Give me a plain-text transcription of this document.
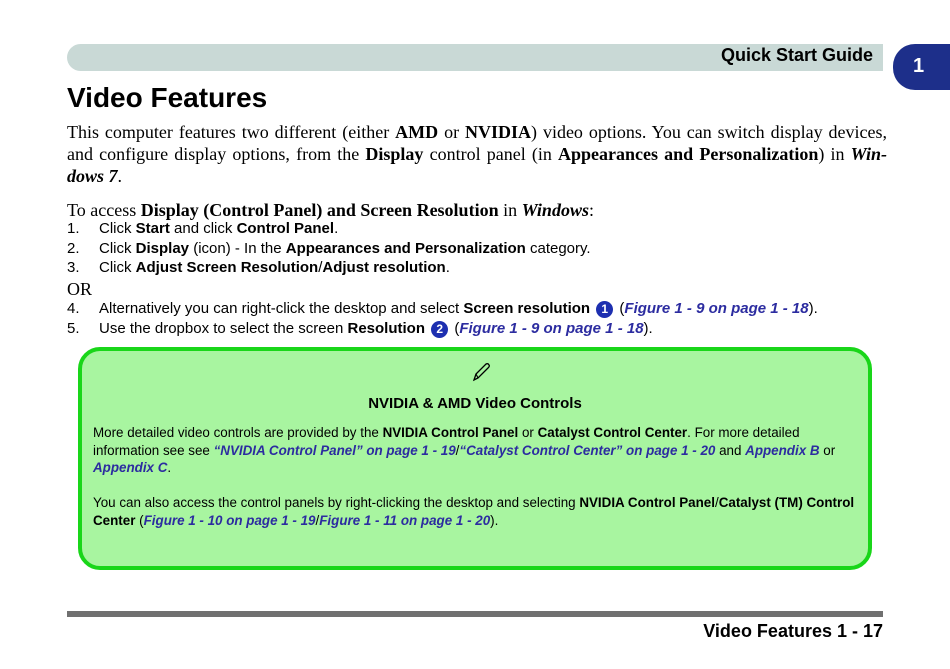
Quick Start Guide 1
Video Features

This computer features two different (either AMD or NVIDIA) video options. You can switch display devices, and configure display options, from the Display control panel (in Appearances and Personalization) in Win-dows 7.

To access Display (Control Panel) and Screen Resolution in Windows:

1. Click Start and click Control Panel.
2. Click Display (icon) - In the Appearances and Personalization category.
3. Click Adjust Screen Resolution/Adjust resolution.

OR

4. Alternatively you can right-click the desktop and select Screen resolution 1 (Figure 1 - 9 on page 1 - 18).
5. Use the dropbox to select the screen Resolution 2 (Figure 1 - 9 on page 1 - 18).
NVIDIA & AMD Video Controls

More detailed video controls are provided by the NVIDIA Control Panel or Catalyst Control Center. For more detailed information see see “NVIDIA Control Panel” on page 1 - 19/“Catalyst Control Center” on page 1 - 20 and Appendix B or Appendix C.

You can also access the control panels by right-clicking the desktop and selecting NVIDIA Control Panel/Catalyst (TM) Control Center (Figure 1 - 10 on page 1 - 19/Figure 1 - 11 on page 1 - 20).

Video Features 1 - 17
